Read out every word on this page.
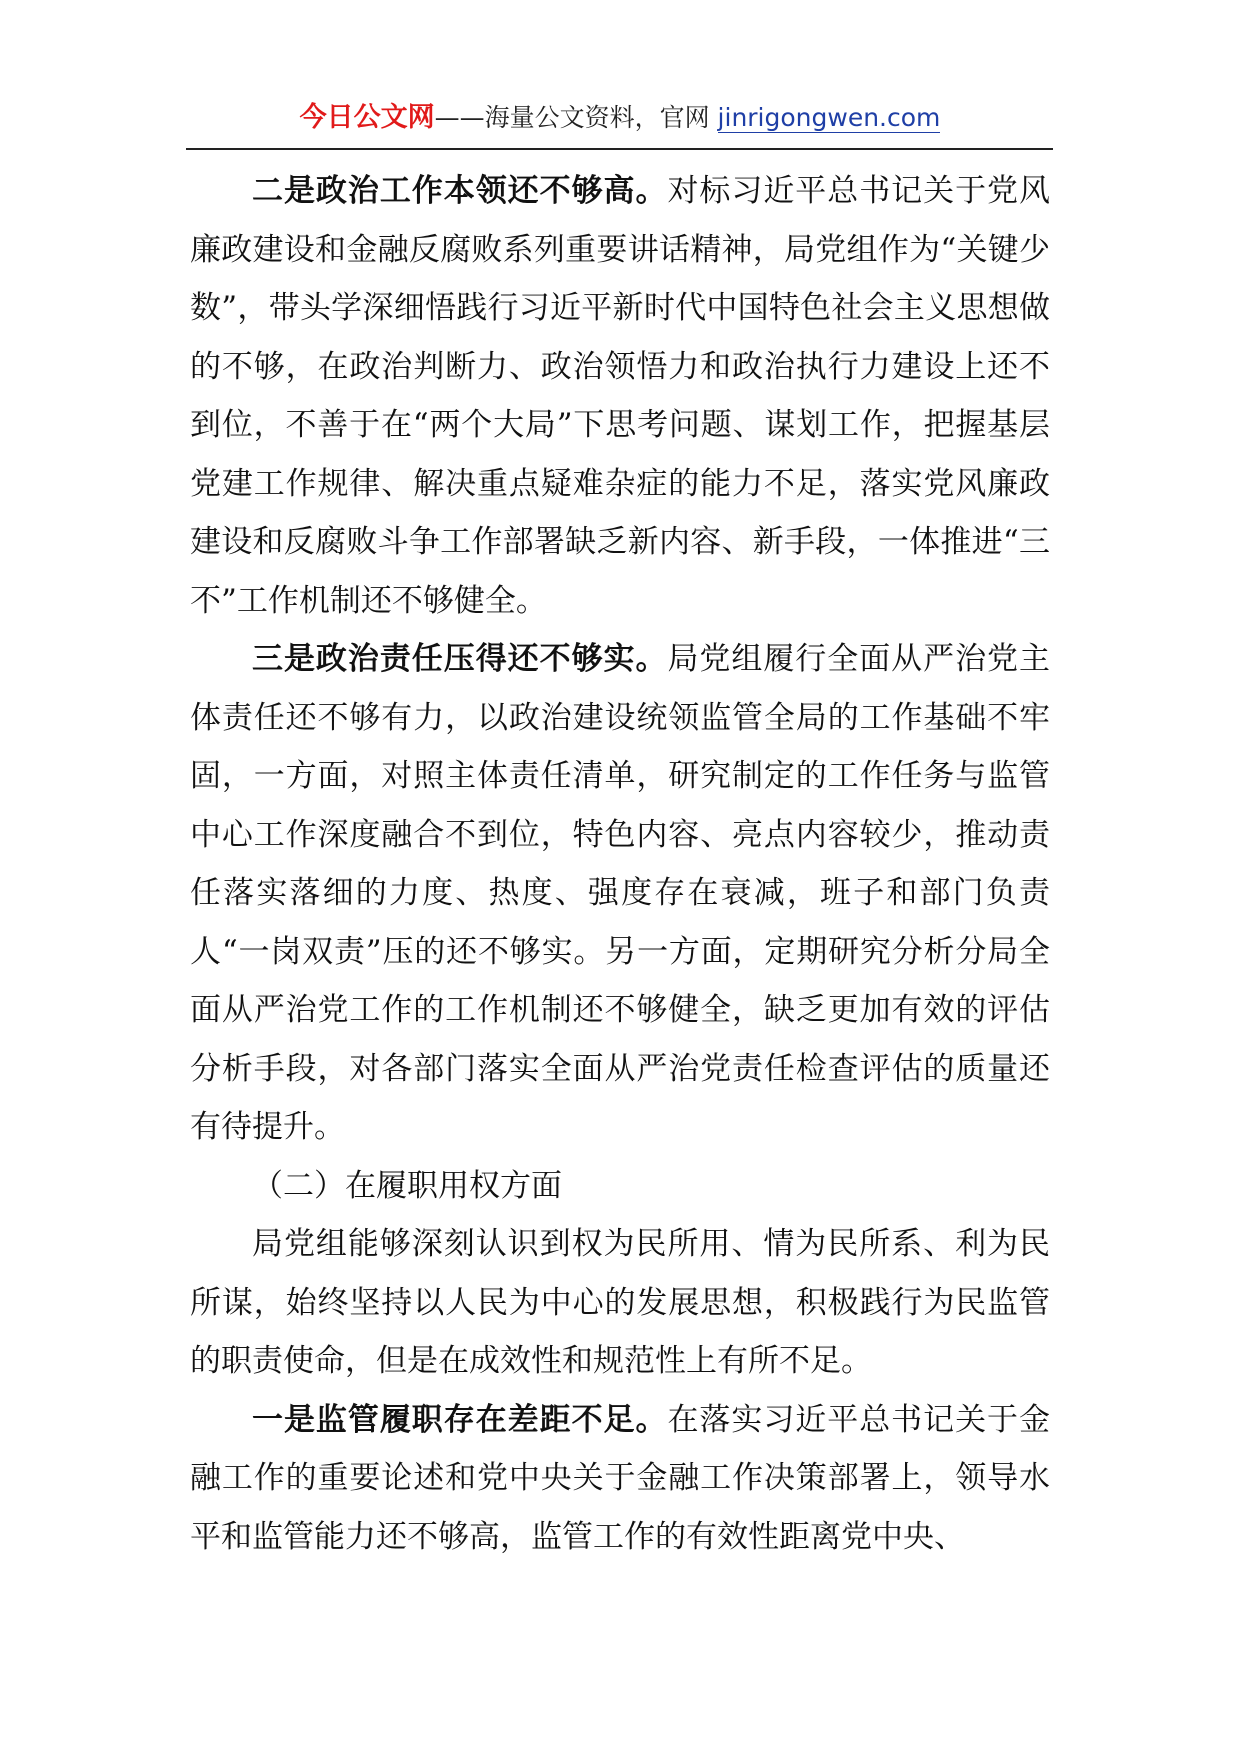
今日公文网——海量公文资料，官网 jinrigongwen.com

二是政治工作本领还不够高。对标习近平总书记关于党风廉政建设和金融反腐败系列重要讲话精神，局党组作为“关键少数”，带头学深细悟践行习近平新时代中国特色社会主义思想做的不够，在政治判断力、政治领悟力和政治执行力建设上还不到位，不善于在“两个大局”下思考问题、谋划工作，把握基层党建工作规律、解决重点疑难杂症的能力不足，落实党风廉政建设和反腐败斗争工作部署缺乏新内容、新手段，一体推进“三不”工作机制还不够健全。

三是政治责任压得还不够实。局党组履行全面从严治党主体责任还不够有力，以政治建设统领监管全局的工作基础不牢固，一方面，对照主体责任清单，研究制定的工作任务与监管中心工作深度融合不到位，特色内容、亮点内容较少，推动责任落实落细的力度、热度、强度存在衰减，班子和部门负责人“一岗双责”压的还不够实。另一方面，定期研究分析分局全面从严治党工作的工作机制还不够健全，缺乏更加有效的评估分析手段，对各部门落实全面从严治党责任检查评估的质量还有待提升。

（二）在履职用权方面

局党组能够深刻认识到权为民所用、情为民所系、利为民所谋，始终坚持以人民为中心的发展思想，积极践行为民监管的职责使命，但是在成效性和规范性上有所不足。

一是监管履职存在差距不足。在落实习近平总书记关于金融工作的重要论述和党中央关于金融工作决策部署上，领导水平和监管能力还不够高，监管工作的有效性距离党中央、
